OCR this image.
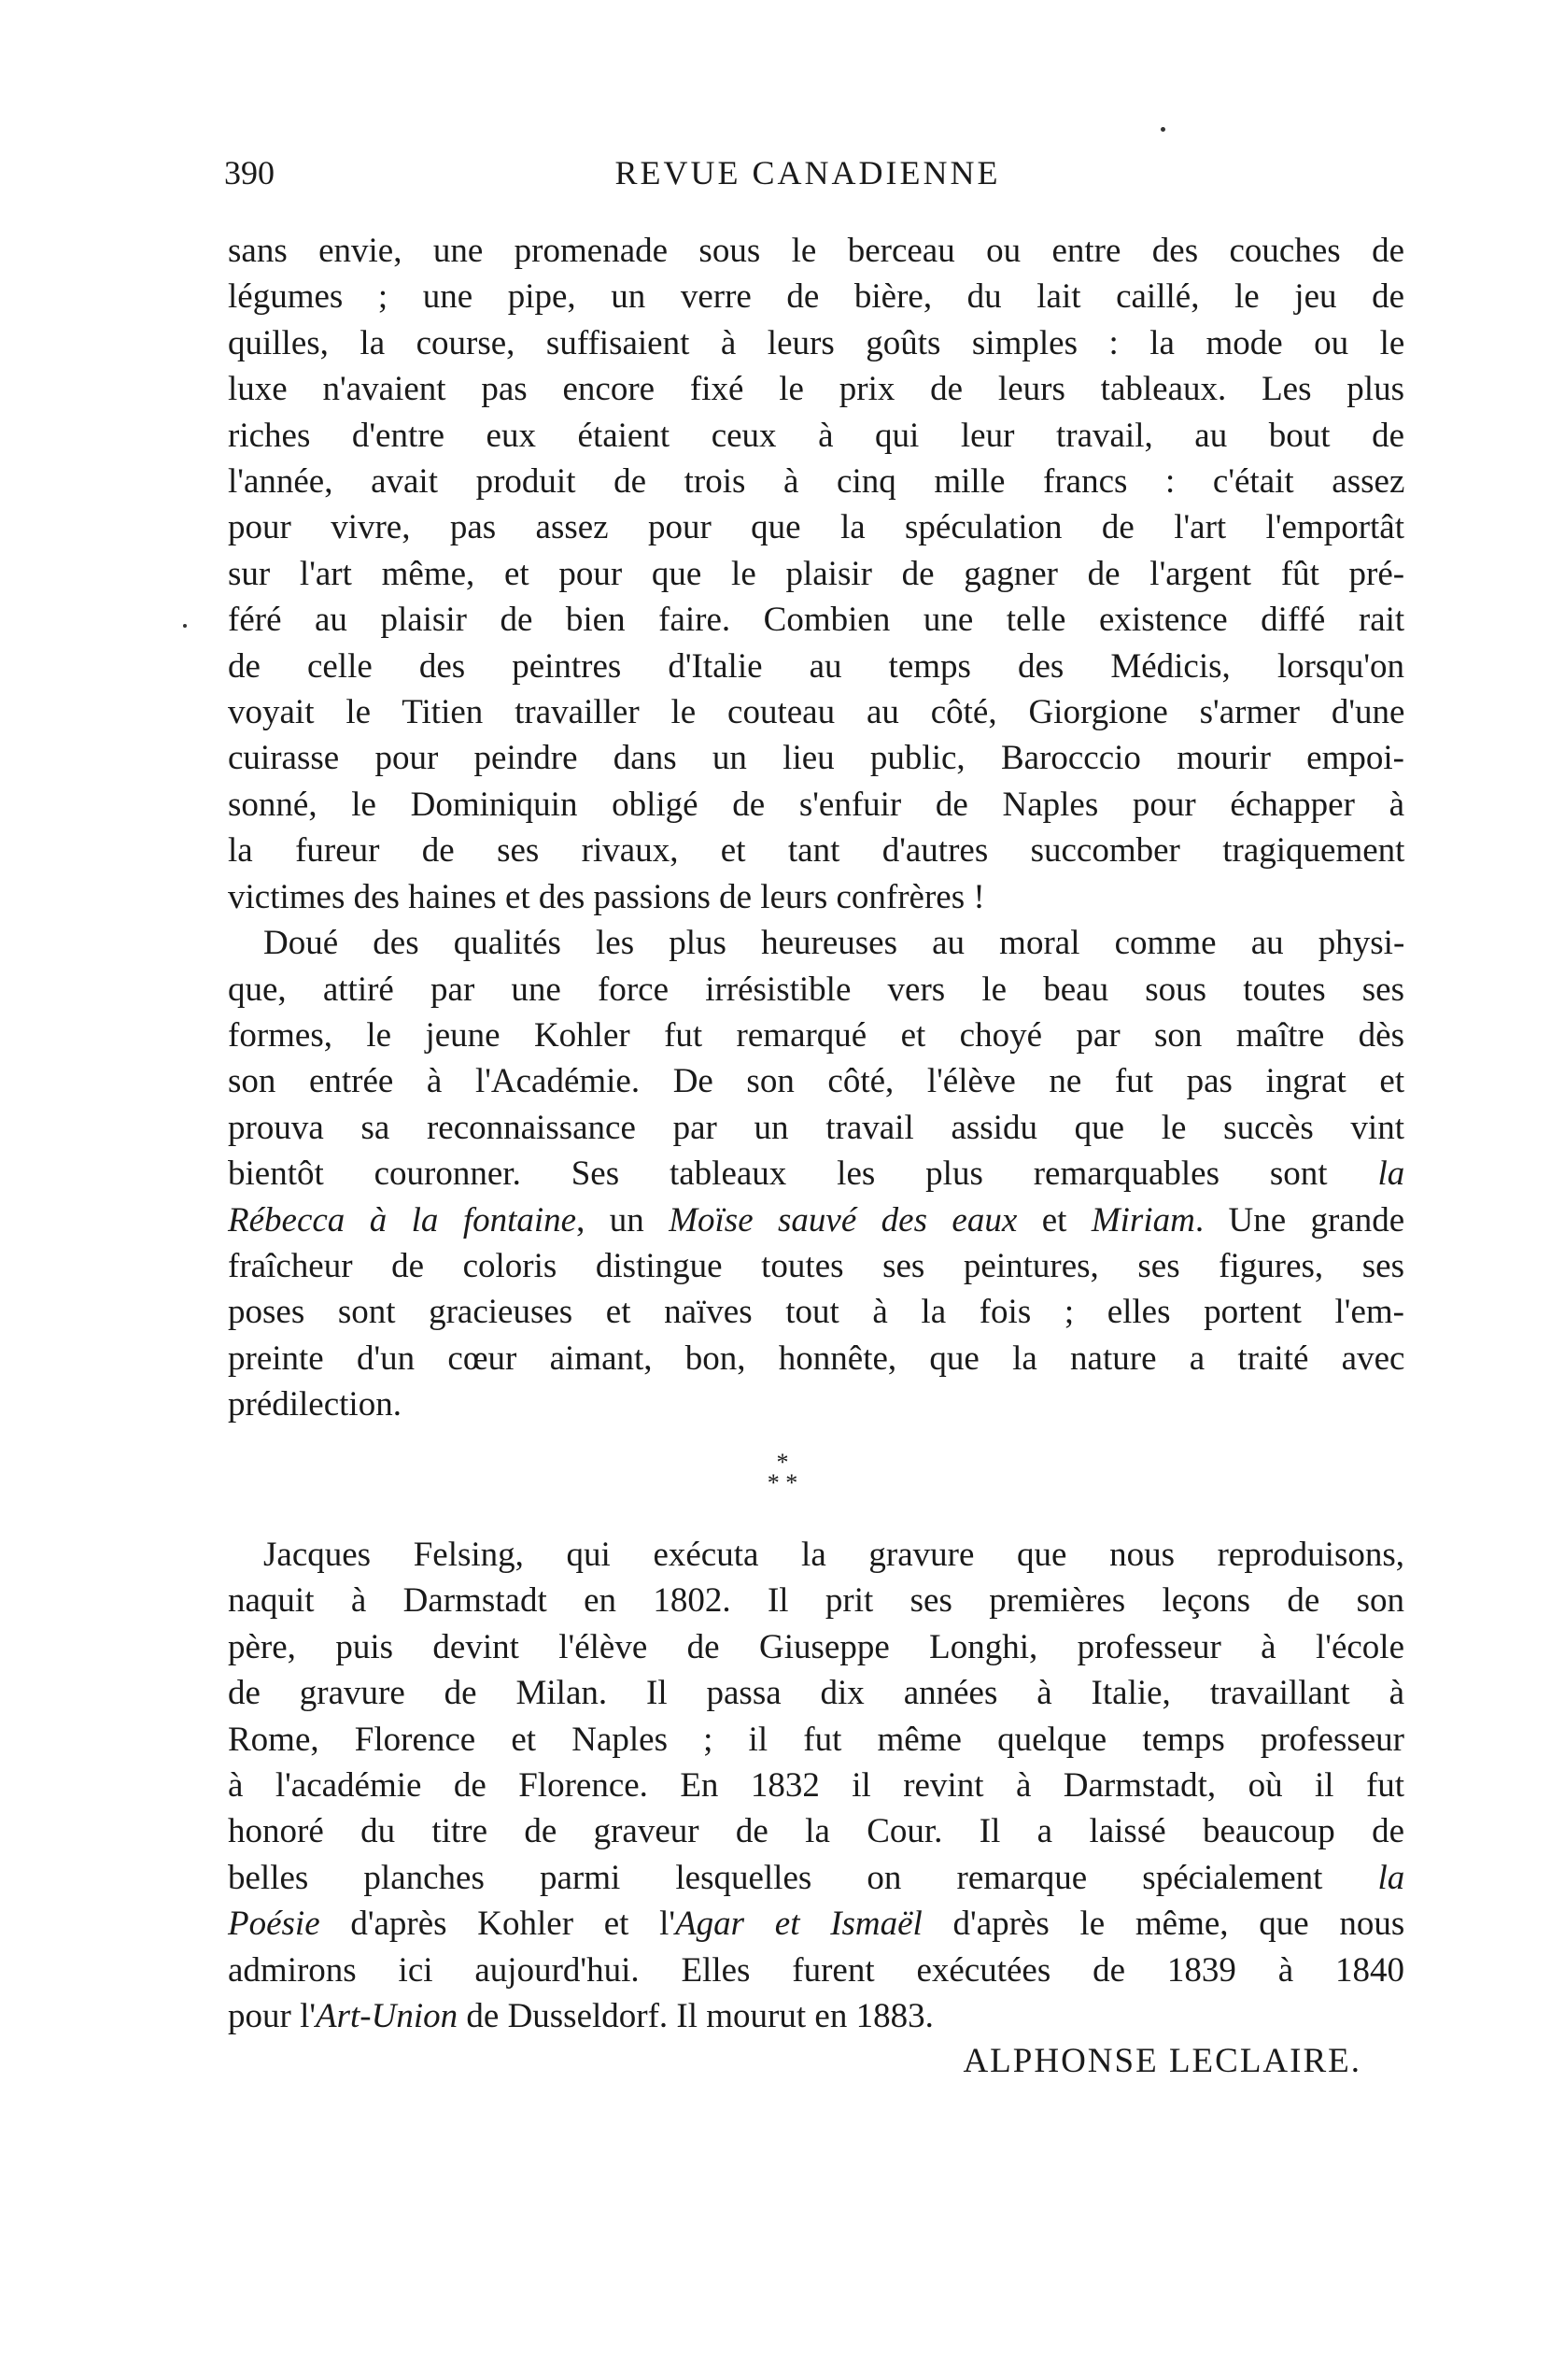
390	REVUE CANADIENNE
sans envie, une promenade sous le berceau ou entre des couches de
légumes ; une pipe, un verre de bière, du lait caillé, le jeu de
quilles, la course, suffisaient à leurs goûts simples : la mode ou le
luxe n'avaient pas encore fixé le prix de leurs tableaux. Les plus
riches d'entre eux étaient ceux à qui leur travail, au bout de
l'année, avait produit de trois à cinq mille francs : c'était assez
pour vivre, pas assez pour que la spéculation de l'art l'emportât
sur l'art même, et pour que le plaisir de gagner de l'argent fût pré-
féré au plaisir de bien faire. Combien une telle existence diffé rait
de celle des peintres d'Italie au temps des Médicis, lorsqu'on
voyait le Titien travailler le couteau au côté, Giorgione s'armer d'une
cuirasse pour peindre dans un lieu public, Barocccio mourir empoi-
sonné, le Dominiquin obligé de s'enfuir de Naples pour échapper à
la fureur de ses rivaux, et tant d'autres succomber tragiquement
victimes des haines et des passions de leurs confrères !
Doué des qualités les plus heureuses au moral comme au physi-
que, attiré par une force irrésistible vers le beau sous toutes ses
formes, le jeune Kohler fut remarqué et choyé par son maître dès
son entrée à l'Académie. De son côté, l'élève ne fut pas ingrat et
prouva sa reconnaissance par un travail assidu que le succès vint
bientôt couronner. Ses tableaux les plus remarquables sont la
Rébecca à la fontaine, un Moïse sauvé des eaux et Miriam. Une grande
fraîcheur de coloris distingue toutes ses peintures, ses figures, ses
poses sont gracieuses et naïves tout à la fois ; elles portent l'em-
preinte d'un cœur aimant, bon, honnête, que la nature a traité avec
prédilection.
*
* *
Jacques Felsing, qui exécuta la gravure que nous reproduisons,
naquit à Darmstadt en 1802. Il prit ses premières leçons de son
père, puis devint l'élève de Giuseppe Longhi, professeur à l'école
de gravure de Milan. Il passa dix années à Italie, travaillant à
Rome, Florence et Naples ; il fut même quelque temps professeur
à l'académie de Florence. En 1832 il revint à Darmstadt, où il fut
honoré du titre de graveur de la Cour. Il a laissé beaucoup de
belles planches parmi lesquelles on remarque spécialement la
Poésie d'après Kohler et l'Agar et Ismaël d'après le même, que nous
admirons ici aujourd'hui. Elles furent exécutées de 1839 à 1840
pour l'Art-Union de Dusseldorf. Il mourut en 1883.
ALPHONSE LECLAIRE.
